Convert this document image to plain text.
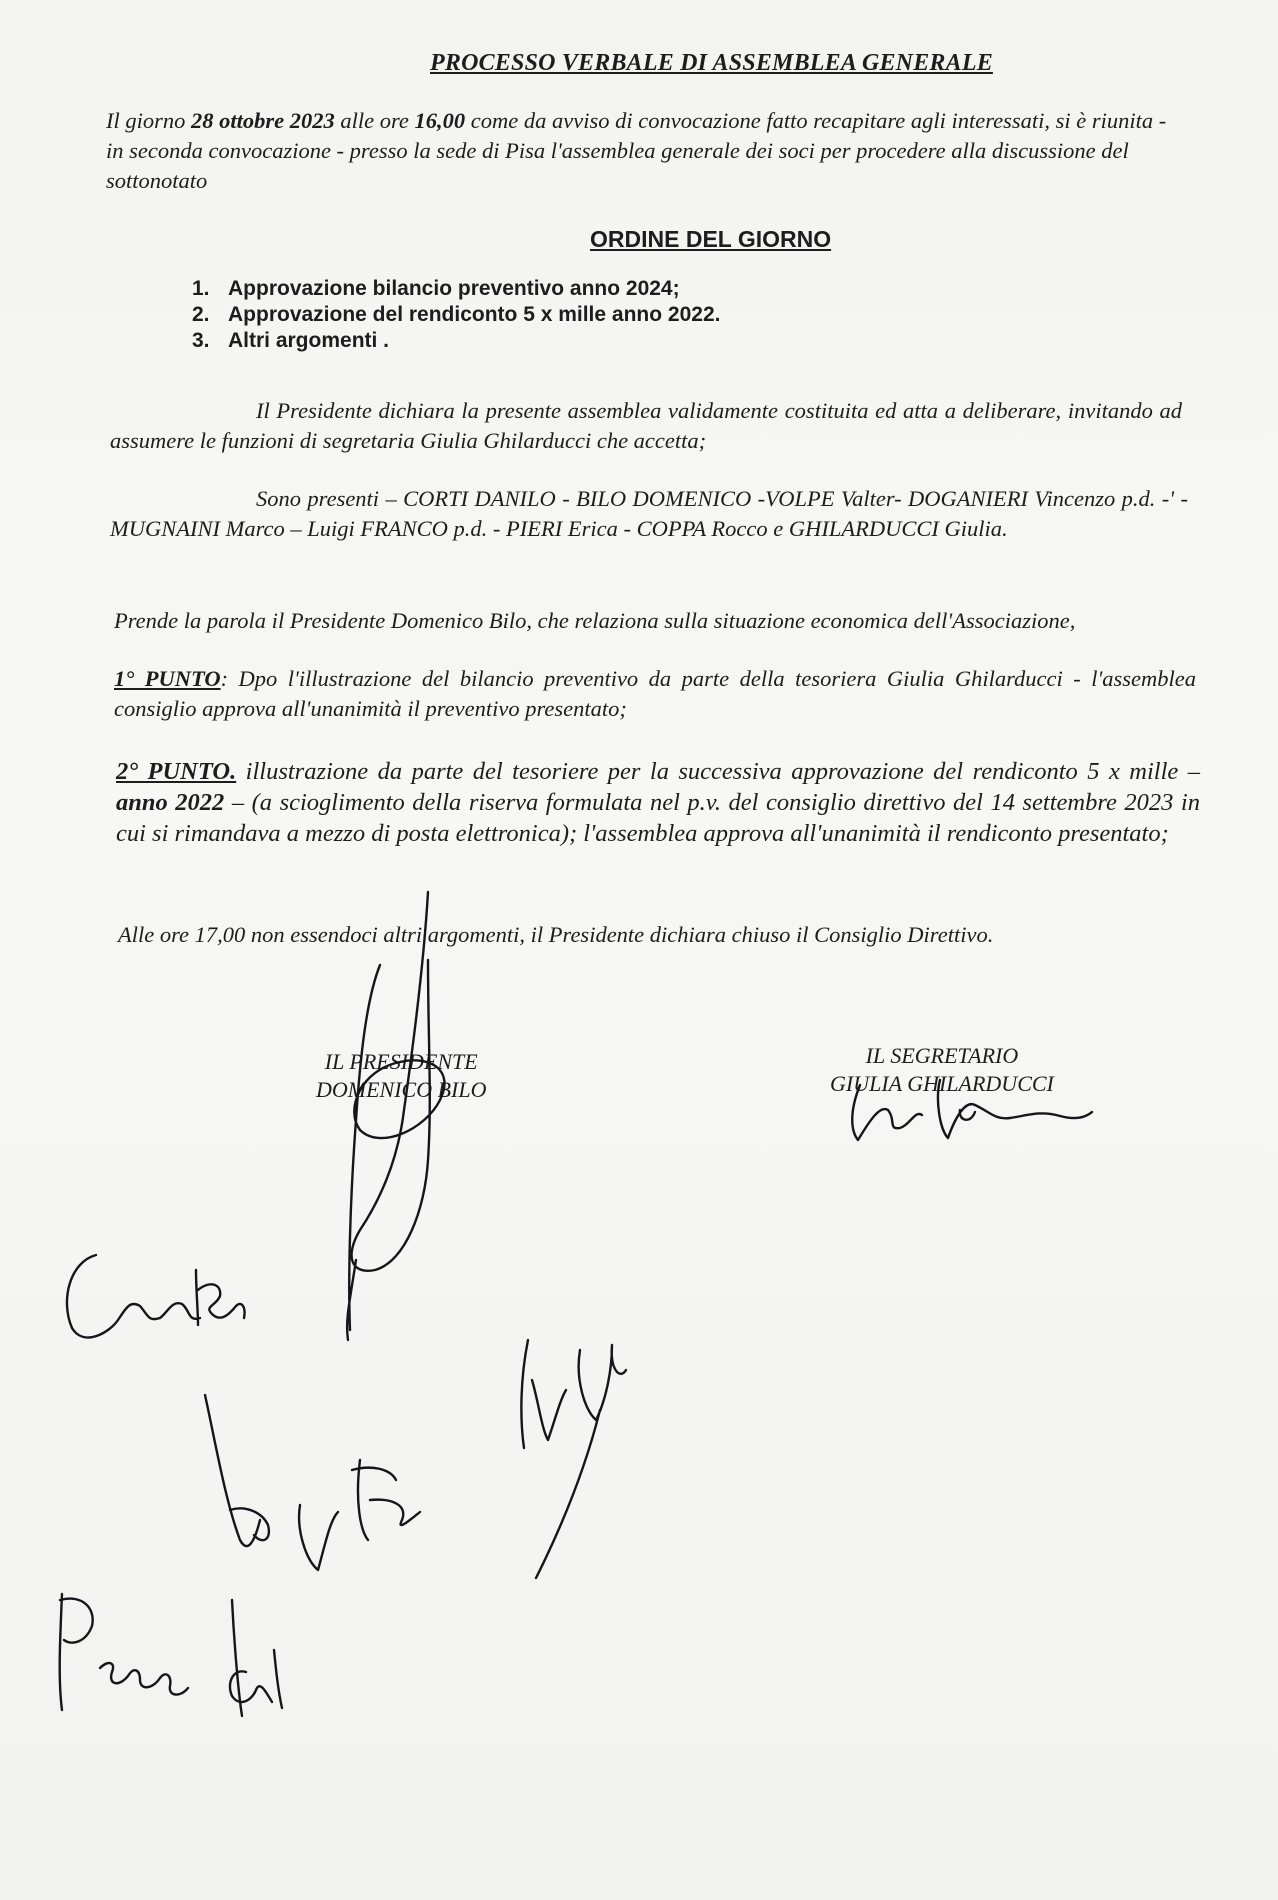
PROCESSO VERBALE DI ASSEMBLEA GENERALE

Il giorno 28 ottobre 2023 alle ore 16,00 come da avviso di convocazione fatto recapitare agli interessati, si è riunita - in seconda convocazione - presso la sede di Pisa l'assemblea generale dei soci per procedere alla discussione del sottonotato

ORDINE DEL GIORNO
1. Approvazione bilancio preventivo anno 2024;
2. Approvazione del rendiconto 5 x mille anno 2022.
3. Altri argomenti .

Il Presidente dichiara la presente assemblea validamente costituita ed atta a deliberare, invitando ad assumere le funzioni di segretaria Giulia Ghilarducci che accetta;

Sono presenti – CORTI DANILO - BILO DOMENICO -VOLPE Valter- DOGANIERI Vincenzo p.d. -' - MUGNAINI Marco – Luigi FRANCO p.d. - PIERI Erica - COPPA Rocco e GHILARDUCCI Giulia.

Prende la parola il Presidente Domenico Bilo, che relaziona sulla situazione economica dell'Associazione,

1° PUNTO: Dpo l'illustrazione del bilancio preventivo da parte della tesoriera Giulia Ghilarducci - l'assemblea consiglio approva all'unanimità il preventivo presentato;

2° PUNTO. illustrazione da parte del tesoriere per la successiva approvazione del rendiconto 5 x mille – anno 2022 – (a scioglimento della riserva formulata nel p.v. del consiglio direttivo del 14 settembre 2023 in cui si rimandava a mezzo di posta elettronica); l'assemblea approva all'unanimità il rendiconto presentato;

Alle ore 17,00 non essendoci altri argomenti, il Presidente dichiara chiuso il Consiglio Direttivo.

IL PRESIDENTE
DOMENICO BILO
IL SEGRETARIO
GIULIA GHILARDUCCI
